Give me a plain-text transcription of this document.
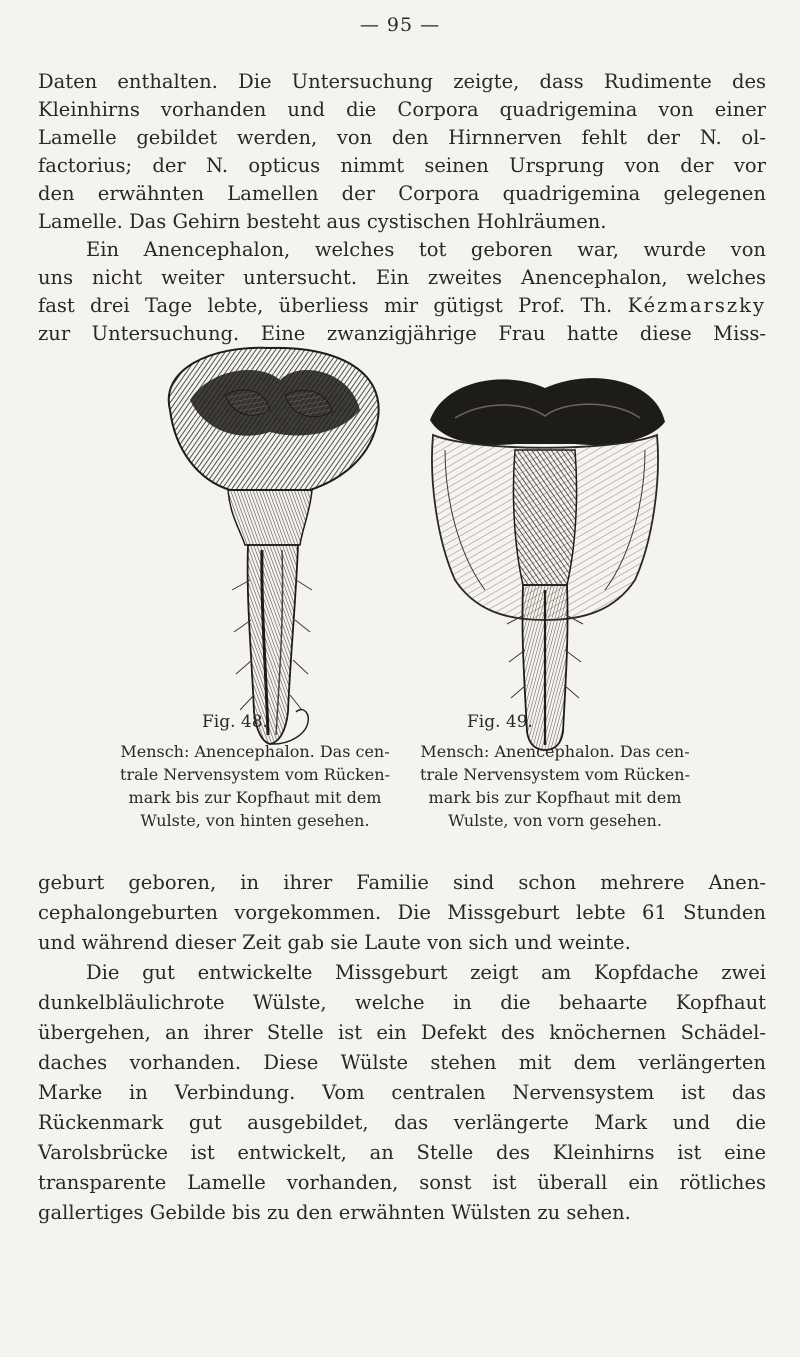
— 95 —
Daten enthalten. Die Untersuchung zeigte, dass Rudimente des
Kleinhirns vorhanden und die Corpora quadrigemina von einer
Lamelle gebildet werden, von den Hirnnerven fehlt der N. ol-
factorius; der N. opticus nimmt seinen Ursprung von der vor
den erwähnten Lamellen der Corpora quadrigemina gelegenen
Lamelle. Das Gehirn besteht aus cystischen Hohlräumen.
Ein Anencephalon, welches tot geboren war, wurde von
uns nicht weiter untersucht. Ein zweites Anencephalon, welches
fast drei Tage lebte, überliess mir gütigst Prof. Th. Kézmarszky
zur Untersuchung. Eine zwanzigjährige Frau hatte diese Miss-
Fig. 48.	Fig. 49.
Mensch: Anencephalon. Das cen-
trale Nervensystem vom Rücken-
mark bis zur Kopfhaut mit dem
Wulste, von hinten gesehen.
Mensch: Anencephalon. Das cen-
trale Nervensystem vom Rücken-
mark bis zur Kopfhaut mit dem
Wulste, von vorn gesehen.
geburt geboren, in ihrer Familie sind schon mehrere Anen-
cephalongeburten vorgekommen. Die Missgeburt lebte 61 Stunden
und während dieser Zeit gab sie Laute von sich und weinte.
Die gut entwickelte Missgeburt zeigt am Kopfdache zwei
dunkelbläulichrote Wülste, welche in die behaarte Kopfhaut
übergehen, an ihrer Stelle ist ein Defekt des knöchernen Schädel-
daches vorhanden. Diese Wülste stehen mit dem verlängerten
Marke in Verbindung. Vom centralen Nervensystem ist das
Rückenmark gut ausgebildet, das verlängerte Mark und die
Varolsbrücke ist entwickelt, an Stelle des Kleinhirns ist eine
transparente Lamelle vorhanden, sonst ist überall ein rötliches
gallertiges Gebilde bis zu den erwähnten Wülsten zu sehen.
